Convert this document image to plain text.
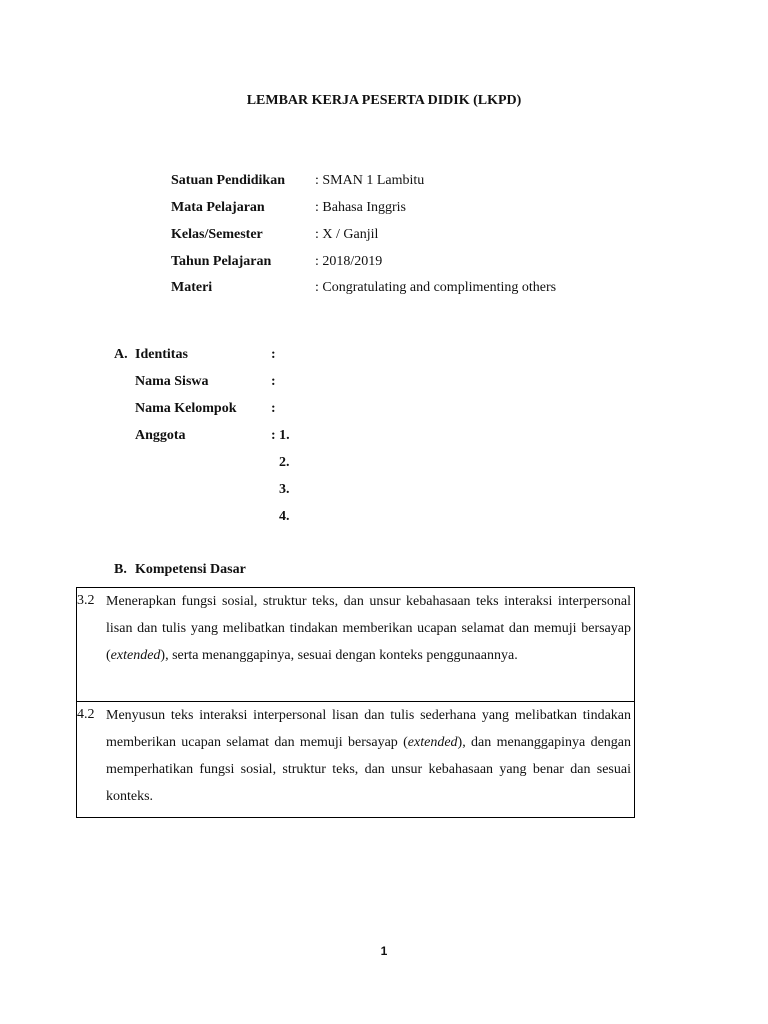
LEMBAR KERJA PESERTA DIDIK (LKPD)
Satuan Pendidikan : SMAN 1 Lambitu
Mata Pelajaran	: Bahasa Inggris
Kelas/Semester	: X / Ganjil
Tahun Pelajaran	: 2018/2019
Materi	: Congratulating and complimenting others
A. Identitas	:
Nama Siswa	:
Nama Kelompok :
Anggota	: 1.
2.
3.
4.
B. Kompetensi Dasar
3.2 Menerapkan fungsi sosial, struktur teks, dan unsur kebahasaan teks interaksi interpersonal lisan dan tulis yang melibatkan tindakan memberikan ucapan selamat dan memuji bersayap (extended), serta menanggapinya, sesuai dengan konteks penggunaannya.
4.2 Menyusun teks interaksi interpersonal lisan dan tulis sederhana yang melibatkan tindakan memberikan ucapan selamat dan memuji bersayap (extended), dan menanggapinya dengan memperhatikan fungsi sosial, struktur teks, dan unsur kebahasaan yang benar dan sesuai konteks.
1
